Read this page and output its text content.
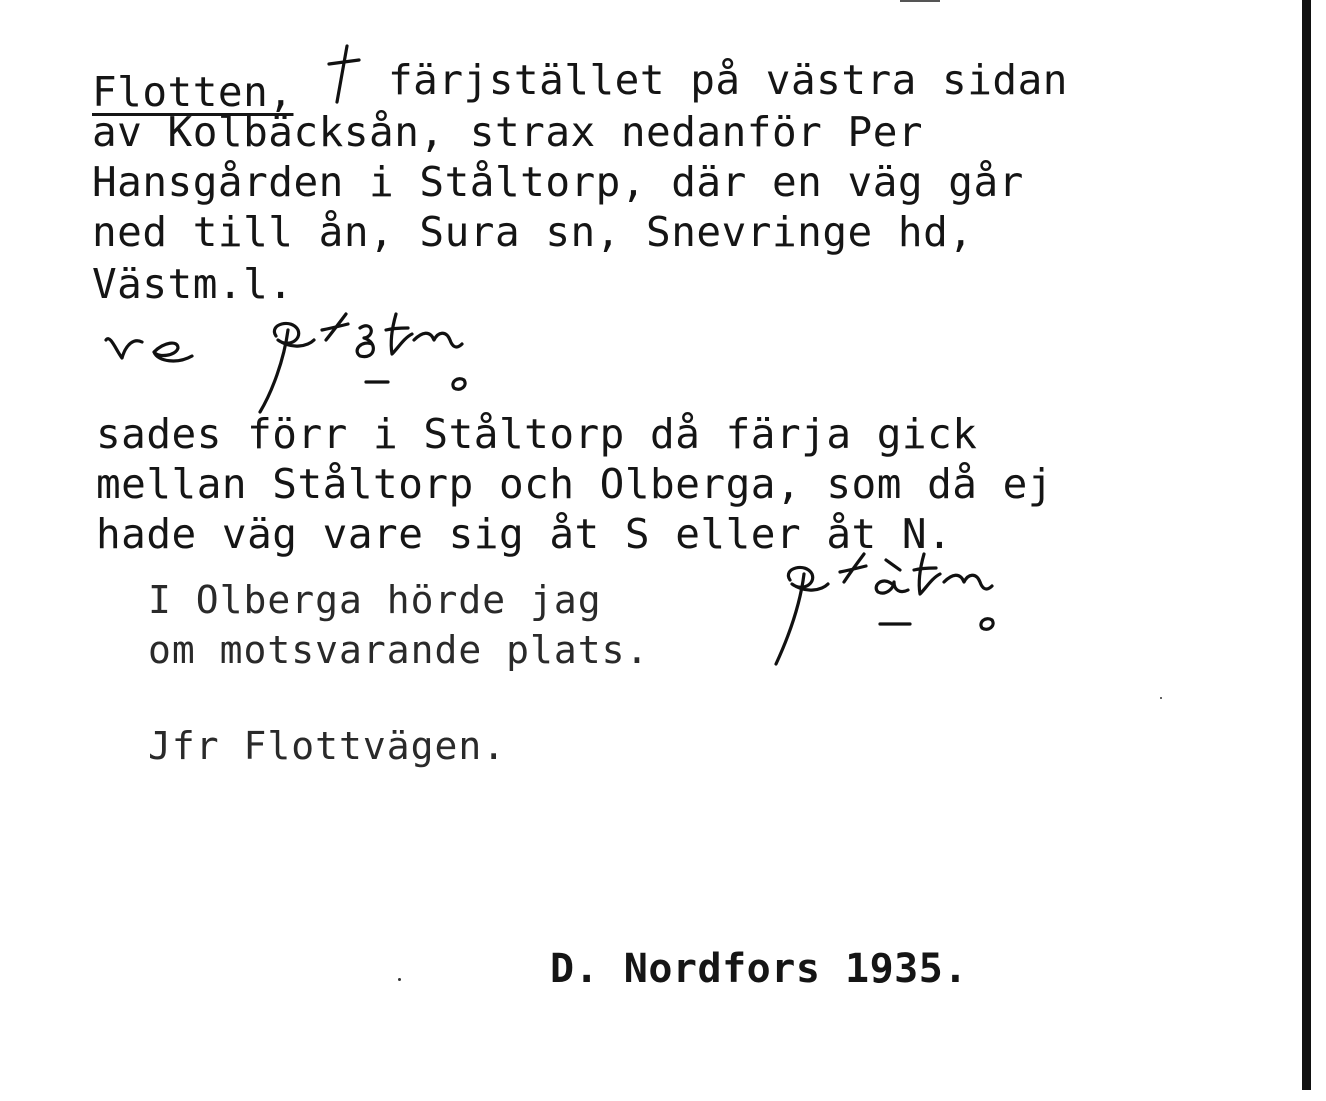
Flotten, färjstället på västra sidan
av Kolbäcksån, strax nedanför Per
Hansgården i Ståltorp, där en väg går
ned till ån, Sura sn, Snevringe hd,
Västm.l.
sades förr i Ståltorp då färja gick
mellan Ståltorp och Olberga, som då ej
hade väg vare sig åt S eller åt N.
I Olberga hörde jag
om motsvarande plats.
Jfr Flottvägen.
D. Nordfors 1935.
